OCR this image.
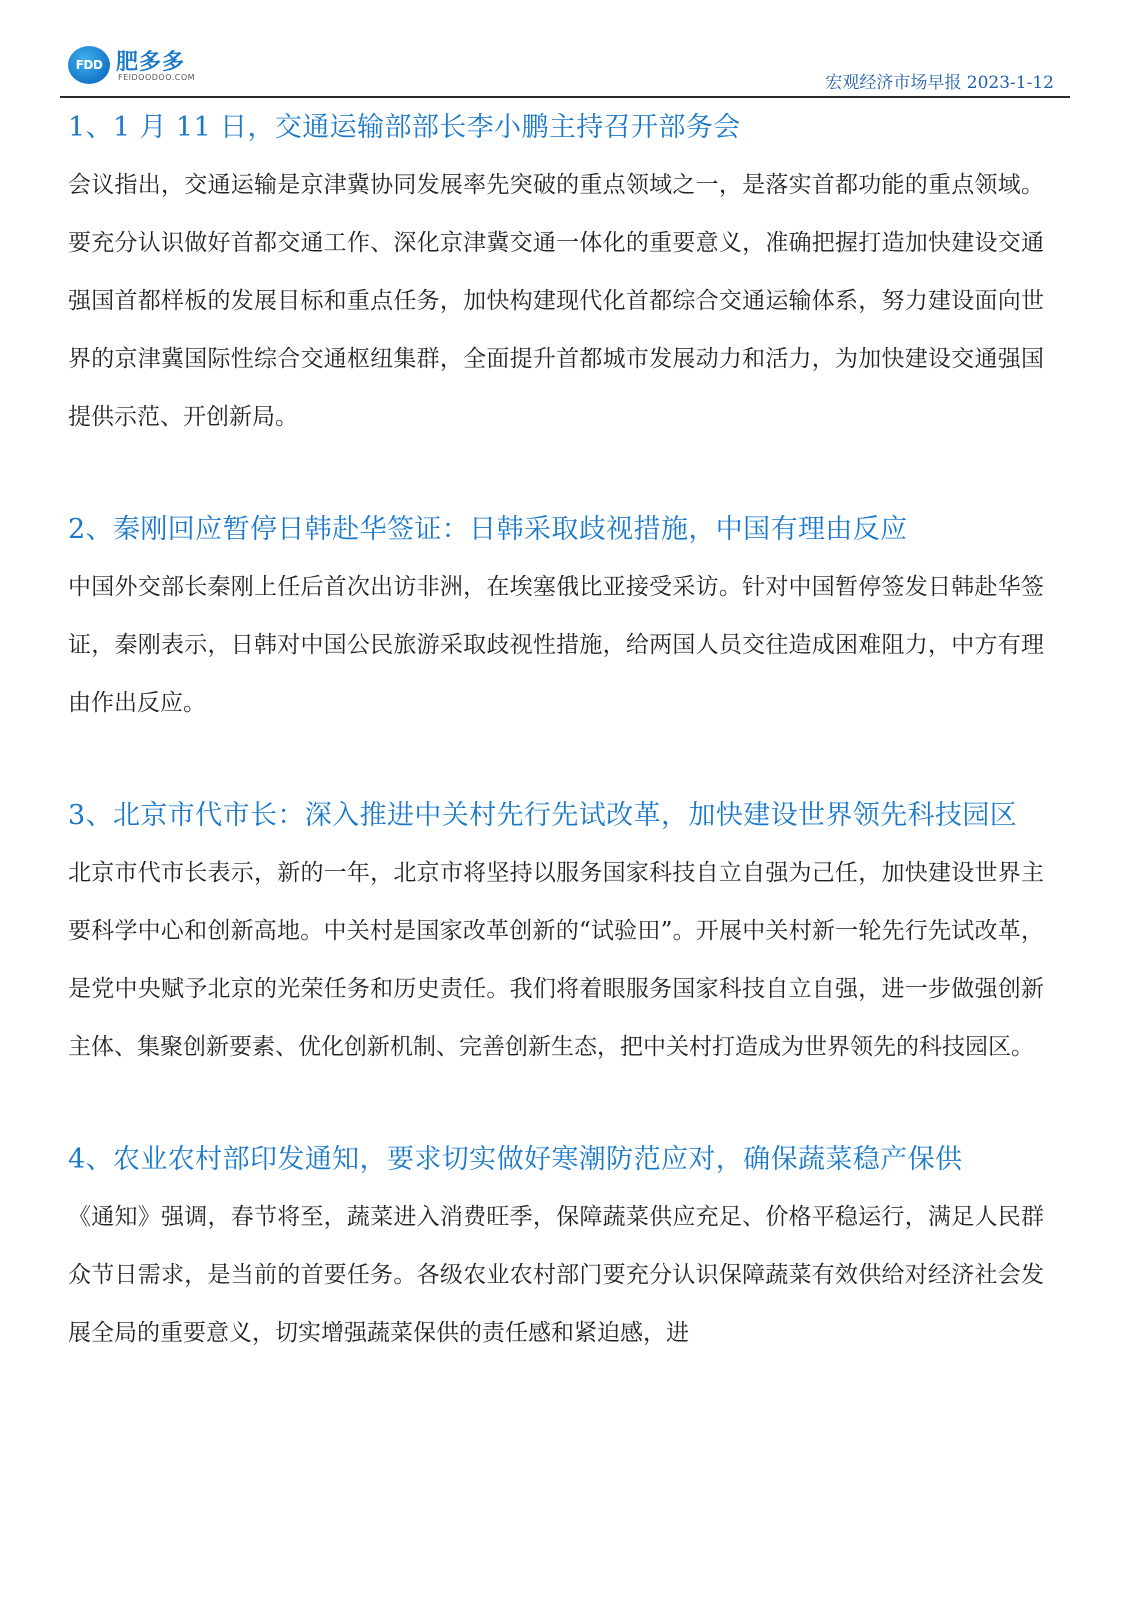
FDD 肥多多
FEIDOODOO.COM	宏观经济市场早报 2023-1-12
1、1 月 11 日，交通运输部部长李小鹏主持召开部务会

会议指出，交通运输是京津冀协同发展率先突破的重点领域之一，是落实首都功能的重点领域。要充分认识做好首都交通工作、深化京津冀交通一体化的重要意义，准确把握打造加快建设交通强国首都样板的发展目标和重点任务，加快构建现代化首都综合交通运输体系，努力建设面向世界的京津冀国际性综合交通枢纽集群，全面提升首都城市发展动力和活力，为加快建设交通强国提供示范、开创新局。

2、秦刚回应暂停日韩赴华签证：日韩采取歧视措施，中国有理由反应

中国外交部长秦刚上任后首次出访非洲，在埃塞俄比亚接受采访。针对中国暂停签发日韩赴华签证，秦刚表示，日韩对中国公民旅游采取歧视性措施，给两国人员交往造成困难阻力，中方有理由作出反应。

3、北京市代市长：深入推进中关村先行先试改革，加快建设世界领先科技园区

北京市代市长表示，新的一年，北京市将坚持以服务国家科技自立自强为己任，加快建设世界主要科学中心和创新高地。中关村是国家改革创新的“试验田”。开展中关村新一轮先行先试改革，是党中央赋予北京的光荣任务和历史责任。我们将着眼服务国家科技自立自强，进一步做强创新主体、集聚创新要素、优化创新机制、完善创新生态，把中关村打造成为世界领先的科技园区。

4、农业农村部印发通知，要求切实做好寒潮防范应对，确保蔬菜稳产保供

《通知》强调，春节将至，蔬菜进入消费旺季，保障蔬菜供应充足、价格平稳运行，满足人民群众节日需求，是当前的首要任务。各级农业农村部门要充分认识保障蔬菜有效供给对经济社会发展全局的重要意义，切实增强蔬菜保供的责任感和紧迫感，进
